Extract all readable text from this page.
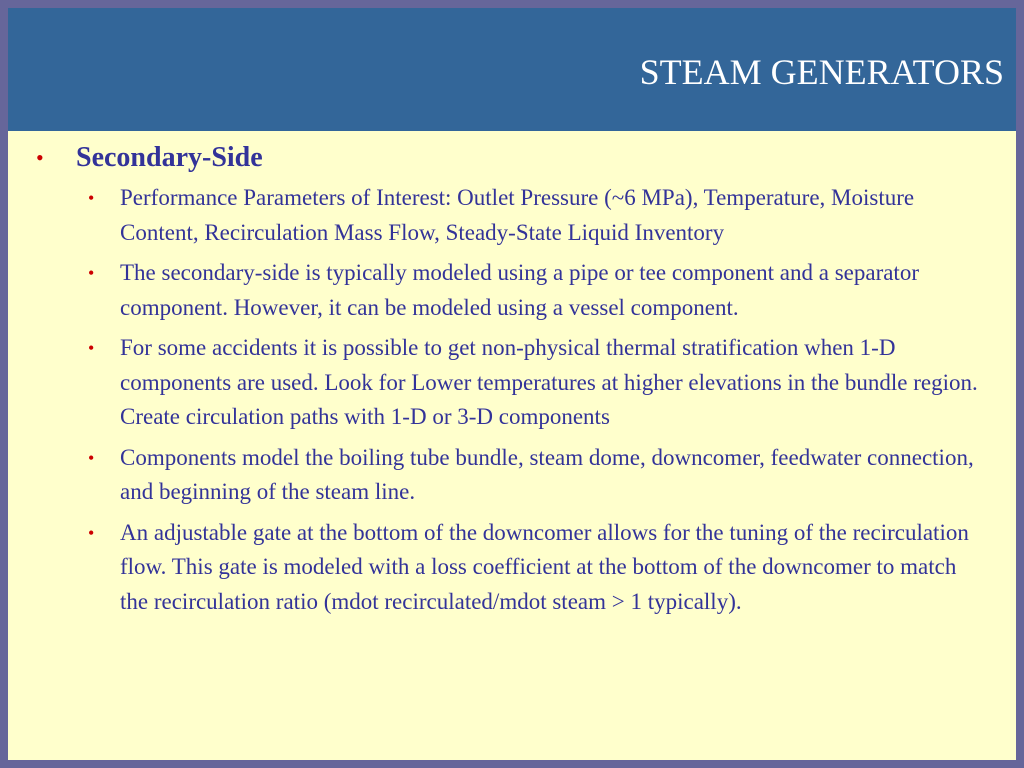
STEAM GENERATORS
• Secondary-Side
• Performance Parameters of Interest: Outlet Pressure (~6 MPa), Temperature, Moisture Content, Recirculation Mass Flow, Steady-State Liquid Inventory
• The secondary-side is typically modeled using a pipe or tee component and a separator component. However, it can be modeled using a vessel component.
• For some accidents it is possible to get non-physical thermal stratification when 1-D components are used. Look for Lower temperatures at higher elevations in the bundle region. Create circulation paths with 1-D or 3-D components
• Components model the boiling tube bundle, steam dome, downcomer, feedwater connection, and beginning of the steam line.
• An adjustable gate at the bottom of the downcomer allows for the tuning of the recirculation flow. This gate is modeled with a loss coefficient at the bottom of the downcomer to match the recirculation ratio (mdot recirculated/mdot steam > 1 typically).
